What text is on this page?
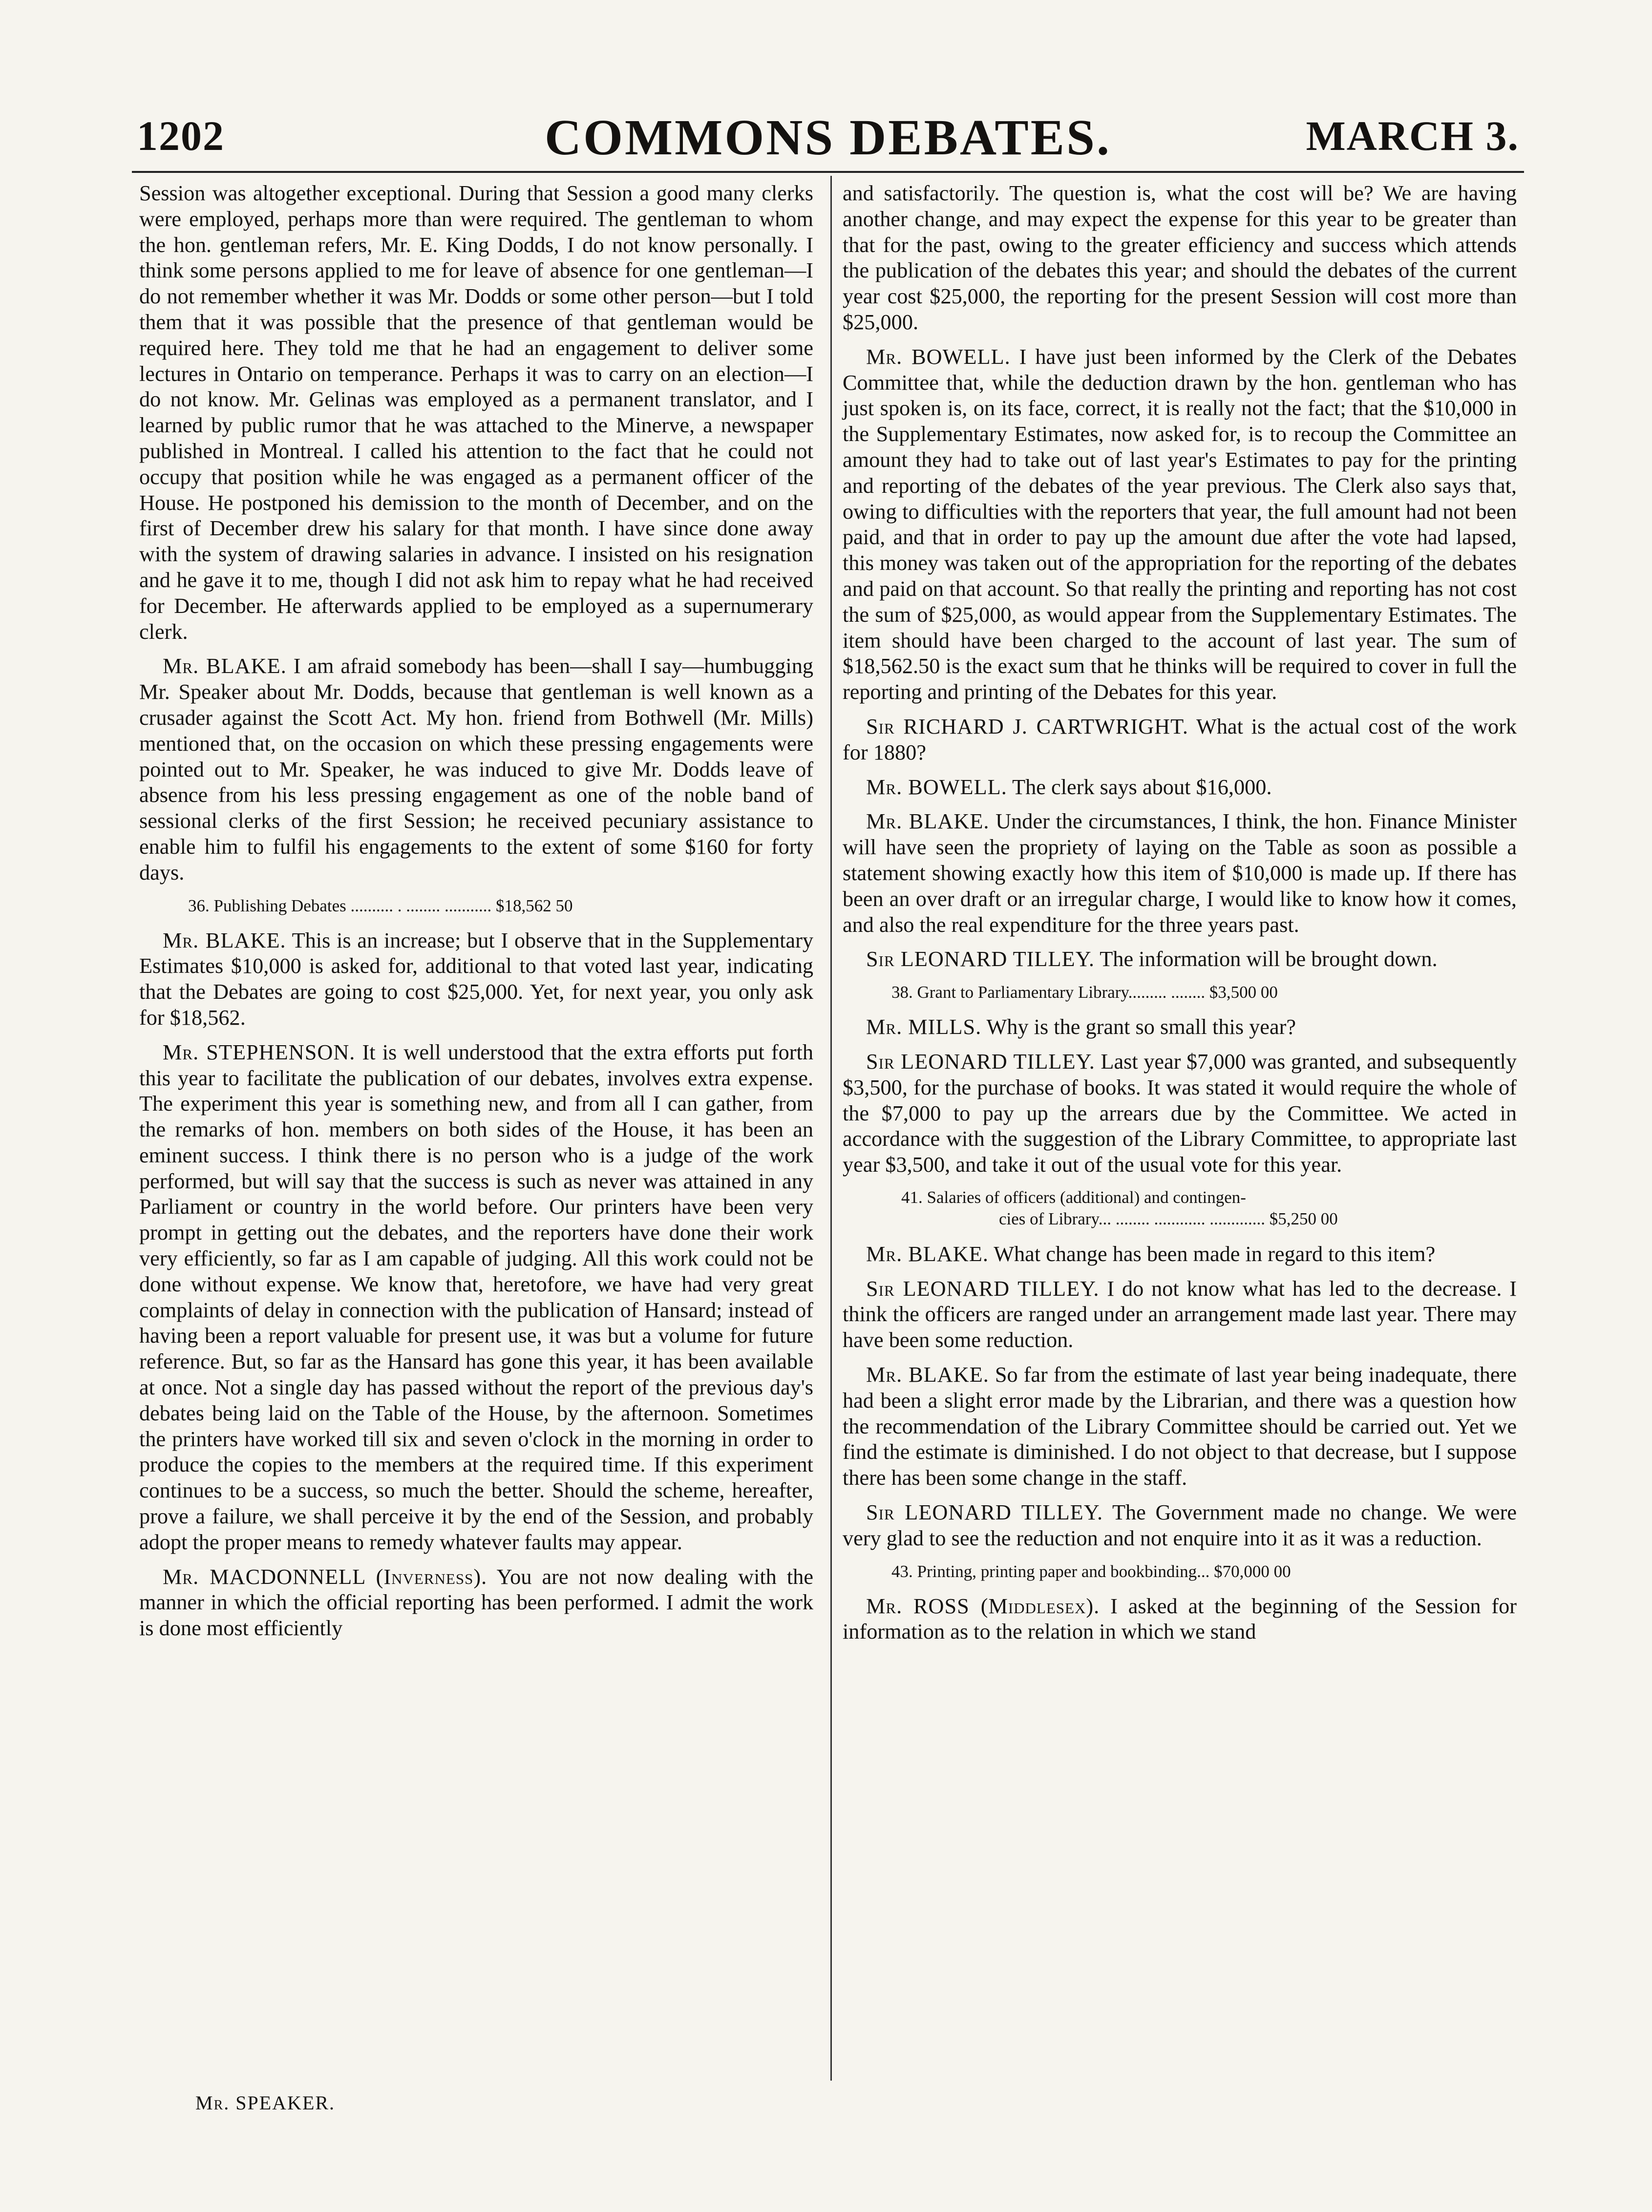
1202	COMMONS DEBATES.	MARCH 3.

Session was altogether exceptional. During that Session a good many clerks were employed, perhaps more than were required. The gentleman to whom the hon. gentleman refers, Mr. E. King Dodds, I do not know personally. I think some persons applied to me for leave of absence for one gentleman—I do not remember whether it was Mr. Dodds or some other person—but I told them that it was possible that the presence of that gentleman would be required here. They told me that he had an engagement to deliver some lectures in Ontario on temperance. Perhaps it was to carry on an election—I do not know. Mr. Gelinas was employed as a permanent translator, and I learned by public rumor that he was attached to the Minerve, a newspaper published in Montreal. I called his attention to the fact that he could not occupy that position while he was engaged as a permanent officer of the House. He postponed his demission to the month of December, and on the first of December drew his salary for that month. I have since done away with the system of drawing salaries in advance. I insisted on his resignation and he gave it to me, though I did not ask him to repay what he had received for December. He afterwards applied to be employed as a supernumerary clerk.

Mr. BLAKE. I am afraid somebody has been—shall I say—humbugging Mr. Speaker about Mr. Dodds, because that gentleman is well known as a crusader against the Scott Act. My hon. friend from Bothwell (Mr. Mills) mentioned that, on the occasion on which these pressing engagements were pointed out to Mr. Speaker, he was induced to give Mr. Dodds leave of absence from his less pressing engagement as one of the noble band of sessional clerks of the first Session; he received pecuniary assistance to enable him to fulfil his engagements to the extent of some $160 for forty days.

36. Publishing Debates .......... . ........ ........... $18,562 50

Mr. BLAKE. This is an increase; but I observe that in the Supplementary Estimates $10,000 is asked for, additional to that voted last year, indicating that the Debates are going to cost $25,000. Yet, for next year, you only ask for $18,562.

Mr. STEPHENSON. It is well understood that the extra efforts put forth this year to facilitate the publication of our debates, involves extra expense. The experiment this year is something new, and from all I can gather, from the remarks of hon. members on both sides of the House, it has been an eminent success. I think there is no person who is a judge of the work performed, but will say that the success is such as never was attained in any Parliament or country in the world before. Our printers have been very prompt in getting out the debates, and the reporters have done their work very efficiently, so far as I am capable of judging. All this work could not be done without expense. We know that, heretofore, we have had very great complaints of delay in connection with the publication of Hansard; instead of having been a report valuable for present use, it was but a volume for future reference. But, so far as the Hansard has gone this year, it has been available at once. Not a single day has passed without the report of the previous day's debates being laid on the Table of the House, by the afternoon. Sometimes the printers have worked till six and seven o'clock in the morning in order to produce the copies to the members at the required time. If this experiment continues to be a success, so much the better. Should the scheme, hereafter, prove a failure, we shall perceive it by the end of the Session, and probably adopt the proper means to remedy whatever faults may appear.

Mr. MACDONNELL (Inverness). You are not now dealing with the manner in which the official reporting has been performed. I admit the work is done most efficiently

and satisfactorily. The question is, what the cost will be? We are having another change, and may expect the expense for this year to be greater than that for the past, owing to the greater efficiency and success which attends the publication of the debates this year; and should the debates of the current year cost $25,000, the reporting for the present Session will cost more than $25,000.

Mr. BOWELL. I have just been informed by the Clerk of the Debates Committee that, while the deduction drawn by the hon. gentleman who has just spoken is, on its face, correct, it is really not the fact; that the $10,000 in the Supplementary Estimates, now asked for, is to recoup the Committee an amount they had to take out of last year's Estimates to pay for the printing and reporting of the debates of the year previous. The Clerk also says that, owing to difficulties with the reporters that year, the full amount had not been paid, and that in order to pay up the amount due after the vote had lapsed, this money was taken out of the appropriation for the reporting of the debates and paid on that account. So that really the printing and reporting has not cost the sum of $25,000, as would appear from the Supplementary Estimates. The item should have been charged to the account of last year. The sum of $18,562.50 is the exact sum that he thinks will be required to cover in full the reporting and printing of the Debates for this year.

Sir RICHARD J. CARTWRIGHT. What is the actual cost of the work for 1880?

Mr. BOWELL. The clerk says about $16,000.

Mr. BLAKE. Under the circumstances, I think, the hon. Finance Minister will have seen the propriety of laying on the Table as soon as possible a statement showing exactly how this item of $10,000 is made up. If there has been an over draft or an irregular charge, I would like to know how it comes, and also the real expenditure for the three years past.

Sir LEONARD TILLEY. The information will be brought down.

38. Grant to Parliamentary Library......... ........ $3,500 00

Mr. MILLS. Why is the grant so small this year?

Sir LEONARD TILLEY. Last year $7,000 was granted, and subsequently $3,500, for the purchase of books. It was stated it would require the whole of the $7,000 to pay up the arrears due by the Committee. We acted in accordance with the suggestion of the Library Committee, to appropriate last year $3,500, and take it out of the usual vote for this year.

41. Salaries of officers (additional) and contingen-
cies of Library... ........ ............ ............. $5,250 00

Mr. BLAKE. What change has been made in regard to this item?

Sir LEONARD TILLEY. I do not know what has led to the decrease. I think the officers are ranged under an arrangement made last year. There may have been some reduction.

Mr. BLAKE. So far from the estimate of last year being inadequate, there had been a slight error made by the Librarian, and there was a question how the recommendation of the Library Committee should be carried out. Yet we find the estimate is diminished. I do not object to that decrease, but I suppose there has been some change in the staff.

Sir LEONARD TILLEY. The Government made no change. We were very glad to see the reduction and not enquire into it as it was a reduction.

43. Printing, printing paper and bookbinding... $70,000 00

Mr. ROSS (Middlesex). I asked at the beginning of the Session for information as to the relation in which we stand

Mr. SPEAKER.
